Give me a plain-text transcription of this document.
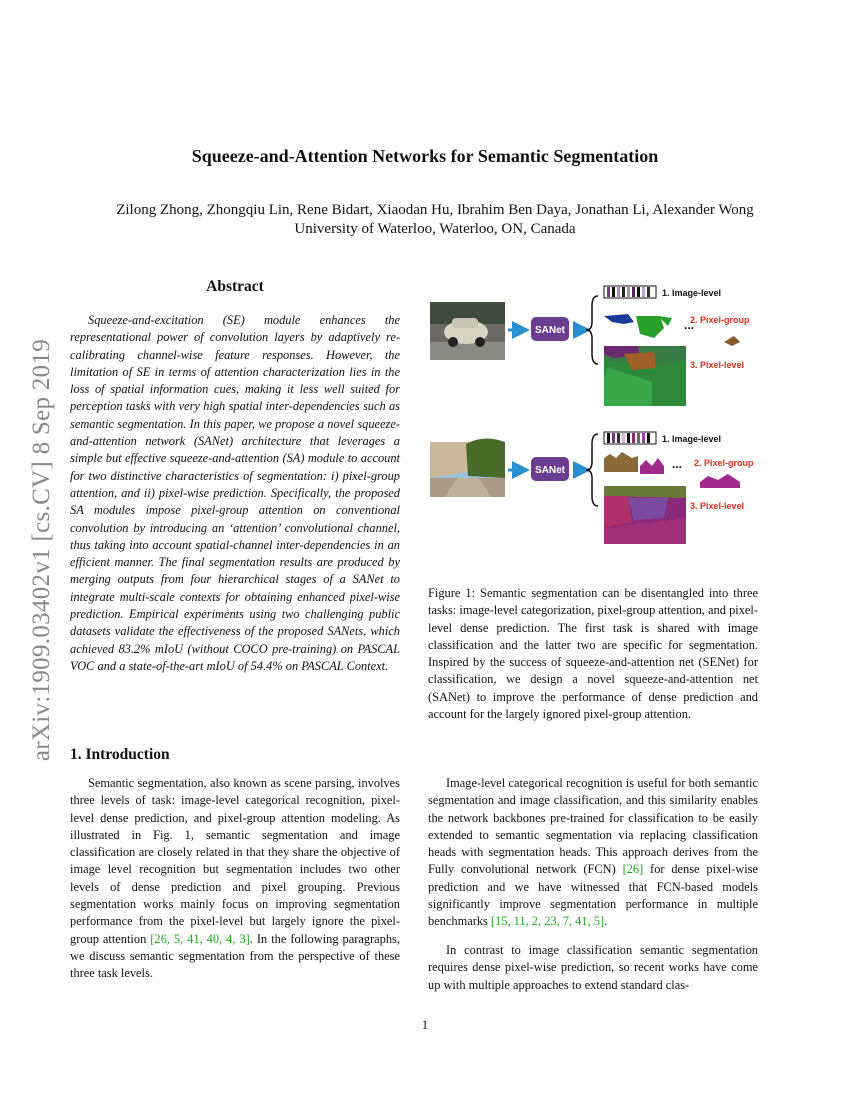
arXiv:1909.03402v1 [cs.CV] 8 Sep 2019
Squeeze-and-Attention Networks for Semantic Segmentation
Zilong Zhong, Zhongqiu Lin, Rene Bidart, Xiaodan Hu, Ibrahim Ben Daya, Jonathan Li, Alexander Wong
University of Waterloo, Waterloo, ON, Canada
Abstract
Squeeze-and-excitation (SE) module enhances the representational power of convolution layers by adaptively re-calibrating channel-wise feature responses. However, the limitation of SE in terms of attention characterization lies in the loss of spatial information cues, making it less well suited for perception tasks with very high spatial inter-dependencies such as semantic segmentation. In this paper, we propose a novel squeeze-and-attention network (SANet) architecture that leverages a simple but effective squeeze-and-attention (SA) module to account for two distinctive characteristics of segmentation: i) pixel-group attention, and ii) pixel-wise prediction. Specifically, the proposed SA modules impose pixel-group attention on conventional convolution by introducing an ‘attention’ convolutional channel, thus taking into account spatial-channel inter-dependencies in an efficient manner. The final segmentation results are produced by merging outputs from four hierarchical stages of a SANet to integrate multi-scale contexts for obtaining enhanced pixel-wise prediction. Empirical experiments using two challenging public datasets validate the effectiveness of the proposed SANets, which achieved 83.2% mIoU (without COCO pre-training) on PASCAL VOC and a state-of-the-art mIoU of 54.4% on PASCAL Context.
SANet
1. Image-level
...
2. Pixel-group
3. Pixel-level
SANet
1. Image-level
... 2. Pixel-group
3. Pixel-level
Figure 1: Semantic segmentation can be disentangled into three tasks: image-level categorization, pixel-group attention, and pixel-level dense prediction. The first task is shared with image classification and the latter two are specific for segmentation. Inspired by the success of squeeze-and-attention net (SENet) for classification, we design a novel squeeze-and-attention net (SANet) to improve the performance of dense prediction and account for the largely ignored pixel-group attention.
1. Introduction
Semantic segmentation, also known as scene parsing, involves three levels of task: image-level categorical recognition, pixel-level dense prediction, and pixel-group attention modeling. As illustrated in Fig. 1, semantic segmentation and image classification are closely related in that they share the objective of image level recognition but segmentation includes two other levels of dense prediction and pixel grouping. Previous segmentation works mainly focus on improving segmentation performance from the pixel-level but largely ignore the pixel-group attention [26, 5, 41, 40, 4, 3]. In the following paragraphs, we discuss semantic segmentation from the perspective of these three task levels.
Image-level categorical recognition is useful for both semantic segmentation and image classification, and this similarity enables the network backbones pre-trained for classification to be easily extended to semantic segmentation via replacing classification heads with segmentation heads. This approach derives from the Fully convolutional network (FCN) [26] for dense pixel-wise prediction and we have witnessed that FCN-based models significantly improve segmentation performance in multiple benchmarks [15, 11, 2, 23, 7, 41, 5].
In contrast to image classification semantic segmentation requires dense pixel-wise prediction, so recent works have come up with multiple approaches to extend standard clas-
1
